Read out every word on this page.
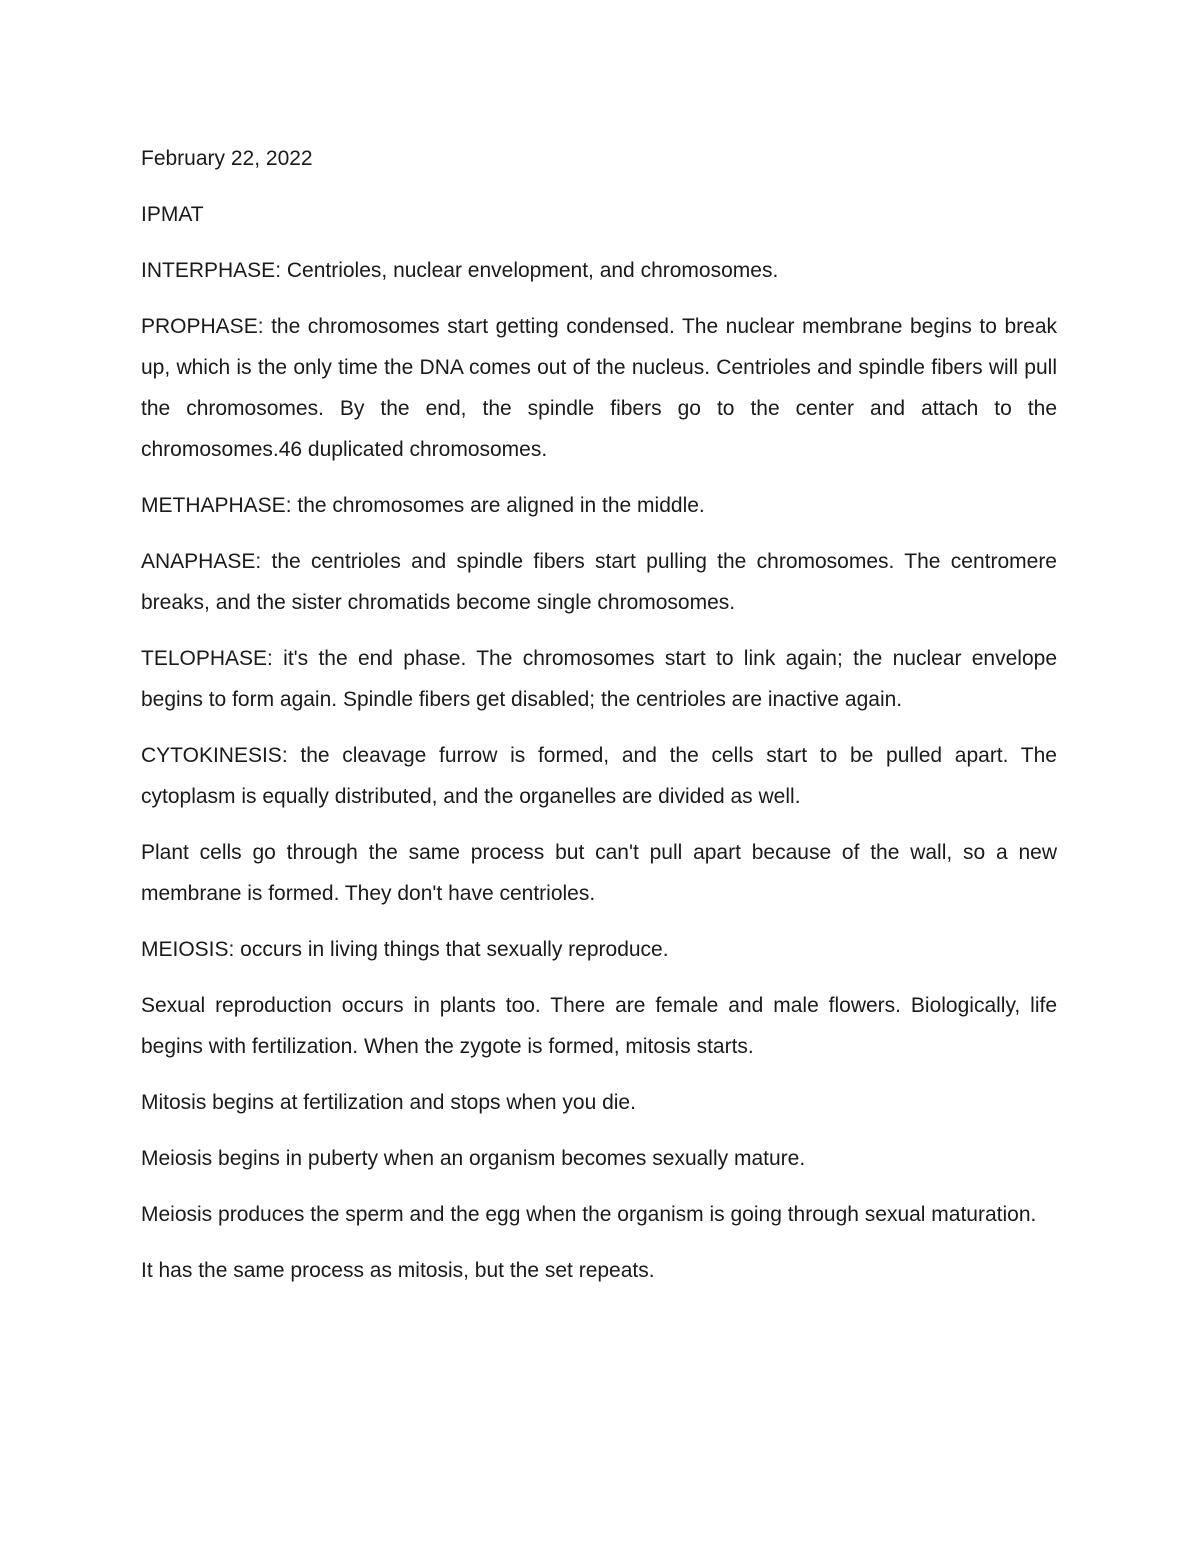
February 22, 2022

IPMAT

INTERPHASE: Centrioles, nuclear envelopment, and chromosomes.

PROPHASE: the chromosomes start getting condensed. The nuclear membrane begins to break up, which is the only time the DNA comes out of the nucleus. Centrioles and spindle fibers will pull the chromosomes. By the end, the spindle fibers go to the center and attach to the chromosomes.46 duplicated chromosomes.

METHAPHASE: the chromosomes are aligned in the middle.

ANAPHASE: the centrioles and spindle fibers start pulling the chromosomes. The centromere breaks, and the sister chromatids become single chromosomes.

TELOPHASE: it's the end phase. The chromosomes start to link again; the nuclear envelope begins to form again. Spindle fibers get disabled; the centrioles are inactive again.

CYTOKINESIS: the cleavage furrow is formed, and the cells start to be pulled apart. The cytoplasm is equally distributed, and the organelles are divided as well.

Plant cells go through the same process but can't pull apart because of the wall, so a new membrane is formed. They don't have centrioles.

MEIOSIS: occurs in living things that sexually reproduce.

Sexual reproduction occurs in plants too. There are female and male flowers. Biologically, life begins with fertilization. When the zygote is formed, mitosis starts.

Mitosis begins at fertilization and stops when you die.

Meiosis begins in puberty when an organism becomes sexually mature.

Meiosis produces the sperm and the egg when the organism is going through sexual maturation.

It has the same process as mitosis, but the set repeats.
